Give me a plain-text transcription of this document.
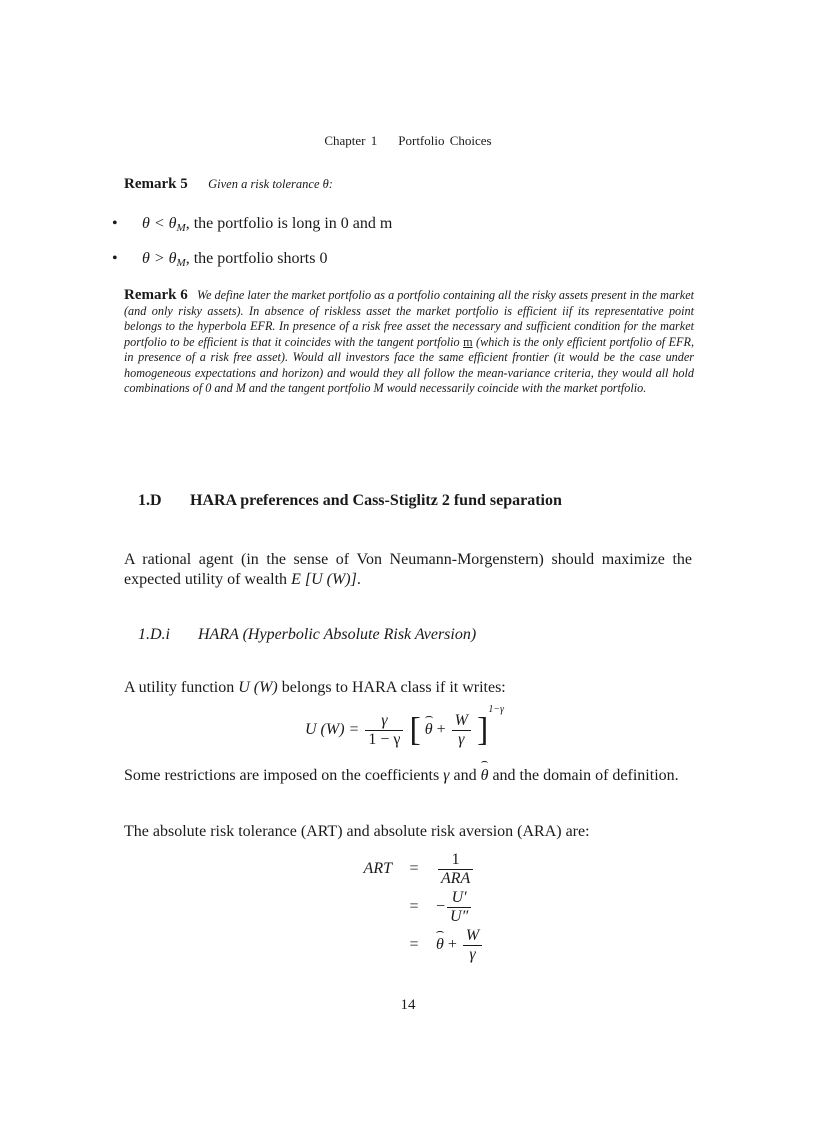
Chapter 1 Portfolio Choices
Remark 5 Given a risk tolerance θ:
• $\theta < \theta_M$, the portfolio is long in 0 and m
• $\theta > \theta_M$, the portfolio shorts 0
Remark 6 We define later the market portfolio as a portfolio containing all the risky assets present in the market (and only risky assets). In absence of riskless asset the market portfolio is efficient iif its representative point belongs to the hyperbola EFR. In presence of a risk free asset the necessary and sufficient condition for the market portfolio to be efficient is that it coincides with the tangent portfolio m (which is the only efficient portfolio of EFR, in presence of a risk free asset). Would all investors face the same efficient frontier (it would be the case under homogeneous expectations and horizon) and would they all follow the mean-variance criteria, they would all hold combinations of 0 and M and the tangent portfolio M would necessarily coincide with the market portfolio.
1.D HARA preferences and Cass-Stiglitz 2 fund separation
A rational agent (in the sense of Von Neumann-Morgenstern) should maximize the expected utility of wealth E [U (W)].
1.D.i HARA (Hyperbolic Absolute Risk Aversion)
A utility function U (W) belongs to HARA class if it writes:
U $(W) = \frac{\gamma}{1 - \gamma}$ [ $\theta + \frac{W}{\gamma} ]^{1-\gamma}$
Some restrictions are imposed on the coefficients γ and θ and the domain of definition.
The absolute risk tolerance (ART) and absolute risk aversion (ARA) are:
ART	=	$\frac{1}{\text{ARA}}$

	=	− $\frac{U'}{U''}$

	=	$\theta + \frac{W}{\gamma}$
14
